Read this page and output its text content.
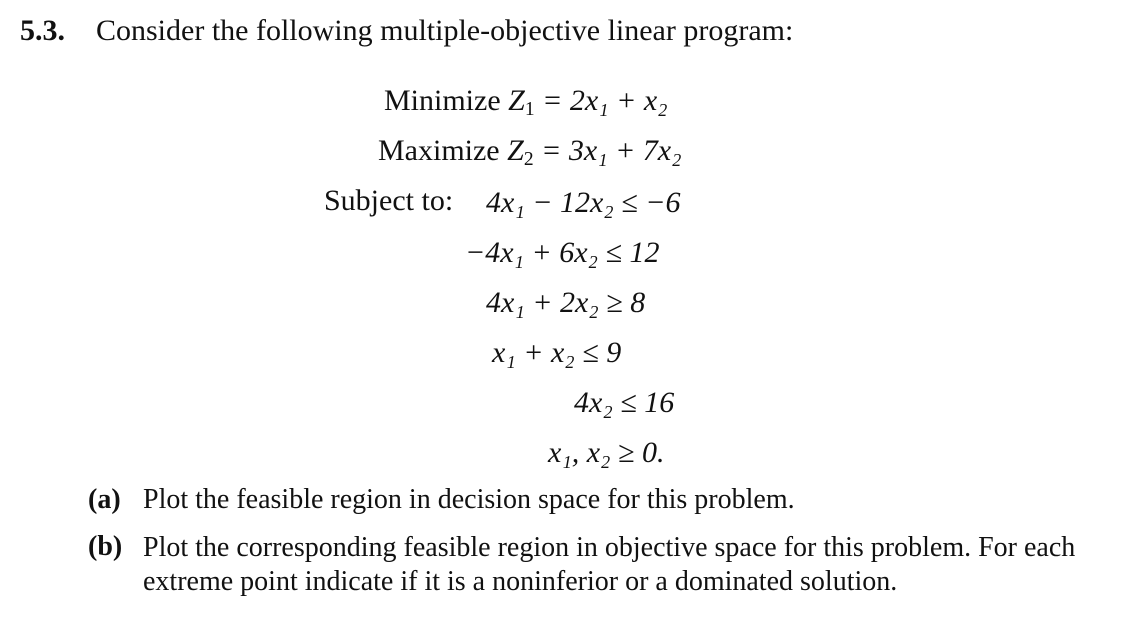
5.3. Consider the following multiple-objective linear program:
Minimize $Z_1 = 2x_1 + x_2$
Maximize $Z_2 = 3x_1 + 7x_2$
Subject to: 4x₁ − 12x₂ ≤ −6
−4x₁ + 6x₂ ≤ 12
4x₁ + 2x₂ ≥ 8
x₁ + x₂ ≤ 9
4x₂ ≤ 16
x₁, x₂ ≥ 0.
(a) Plot the feasible region in decision space for this problem.
(b) Plot the corresponding feasible region in objective space for this problem. For each extreme point indicate if it is a noninferior or a dominated solution.
